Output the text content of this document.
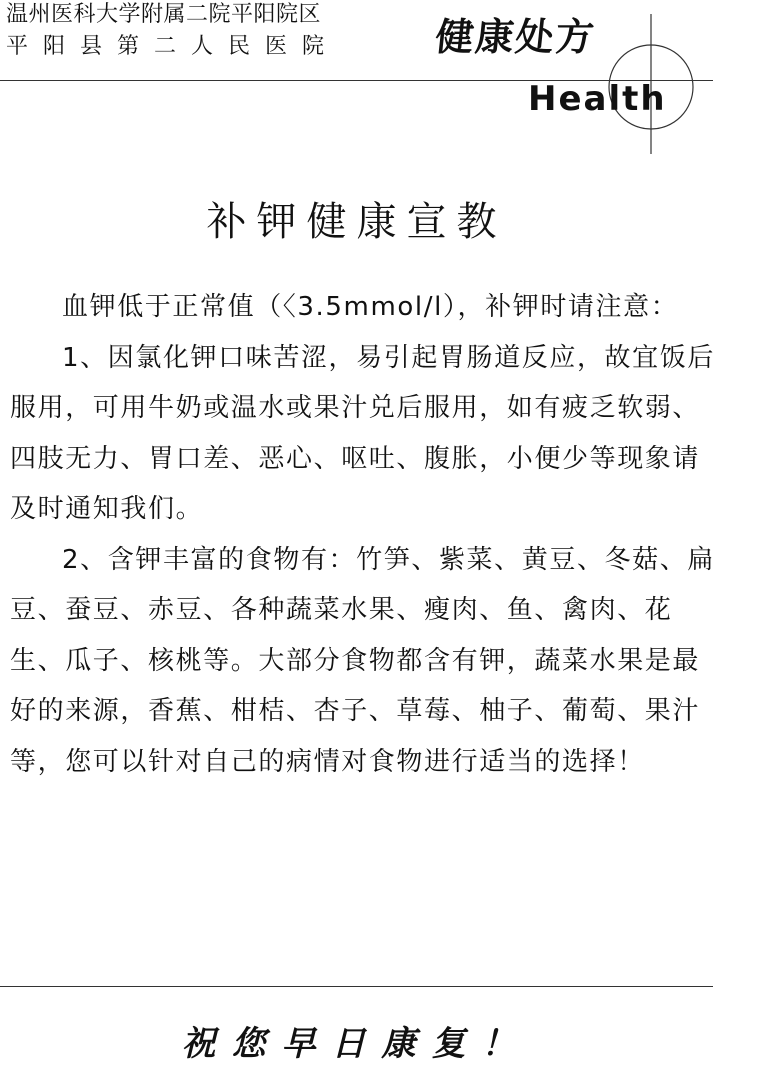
温州医科大学附属二院平阳院区
平阳县第二人民医院 健康处方
Health
补钾健康宣教

血钾低于正常值（〈3.5mmol/l），补钾时请注意：

1、因氯化钾口味苦涩，易引起胃肠道反应，故宜饭后服用，可用牛奶或温水或果汁兑后服用，如有疲乏软弱、四肢无力、胃口差、恶心、呕吐、腹胀，小便少等现象请及时通知我们。

2、含钾丰富的食物有：竹笋、紫菜、黄豆、冬菇、扁豆、蚕豆、赤豆、各种蔬菜水果、瘦肉、鱼、禽肉、花生、瓜子、核桃等。大部分食物都含有钾，蔬菜水果是最好的来源，香蕉、柑桔、杏子、草莓、柚子、葡萄、果汁等，您可以针对自己的病情对食物进行适当的选择！

祝您早日康复！
